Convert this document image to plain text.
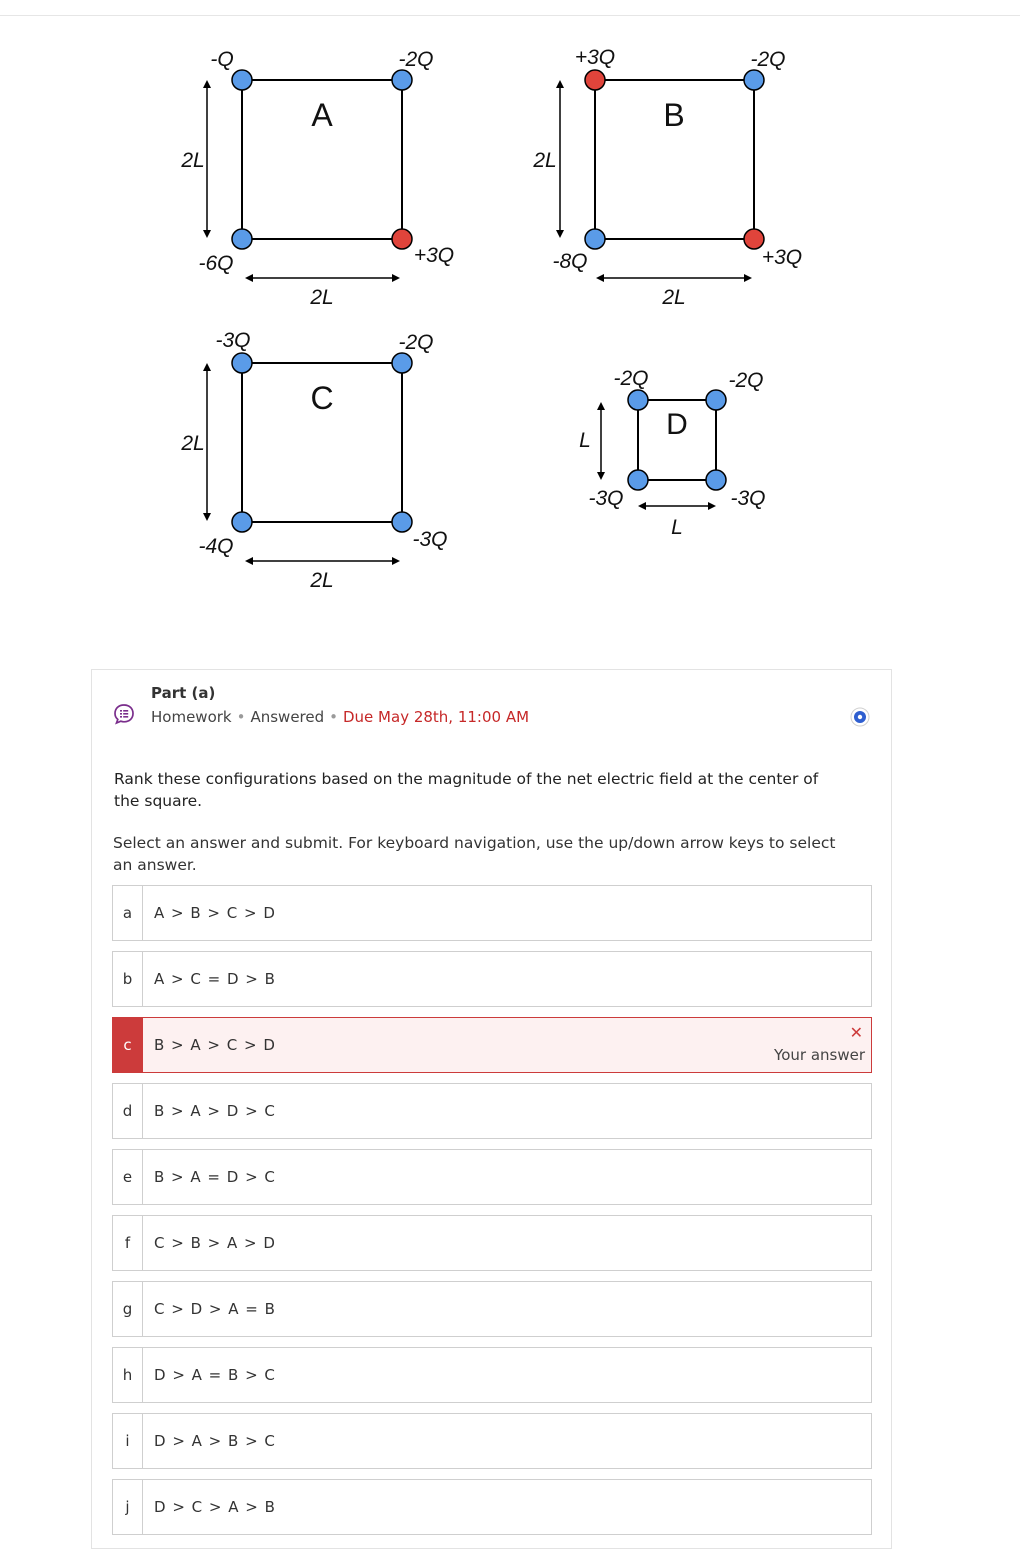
A
-Q	-2Q
-6Q	+3Q
2L
2L
B
+3Q	-2Q
-8Q	+3Q
2L
2L
C
-3Q	-2Q
-4Q	-3Q
2L
2L
D
-2Q	-2Q
-3Q	-3Q
L
L
Part (a)
Homework • Answered • Due May 28th, 11:00 AM
Rank these configurations based on the magnitude of the net electric field at the center of the square.
Select an answer and submit. For keyboard navigation, use the up/down arrow keys to select an answer.
a	A > B > C > D
b	A > C = D > B
c	B > A > C > D
✕
Your answer
d	B > A > D > C
e	B > A = D > C
f	C > B > A > D
g	C > D > A = B
h	D > A = B > C
i	D > A > B > C
j	D > C > A > B
